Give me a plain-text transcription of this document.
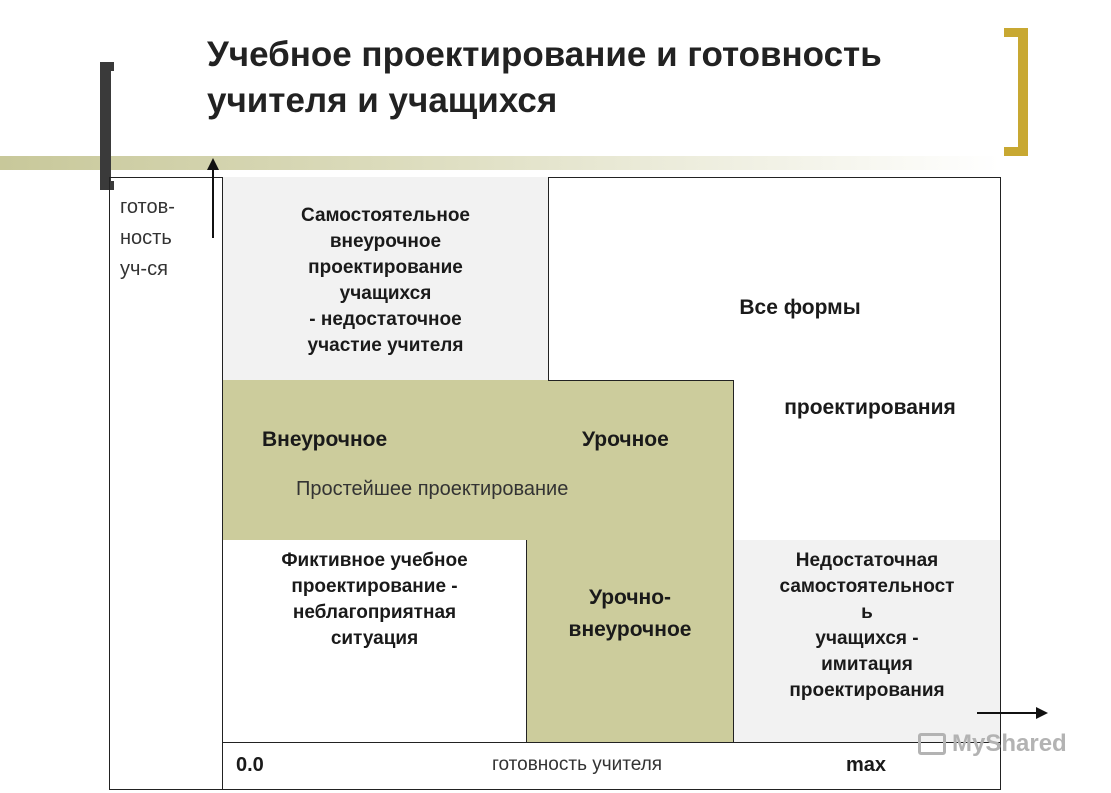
Учебное проектирование и готовность учителя и учащихся
Самостоятельное
внеурочное
проектирование
учащихся
- недостаточное
участие учителя
Фиктивное учебное
проектирование -
неблагоприятная
ситуация
Недостаточная
самостоятельност
ь
учащихся -
имитация
проектирования
Все формы
проектирования
Внеурочное	Урочное
Простейшее проектирование
Урочно-
внеурочное
готов-
ность
уч-ся
0.0	готовность учителя	max
MyShared
